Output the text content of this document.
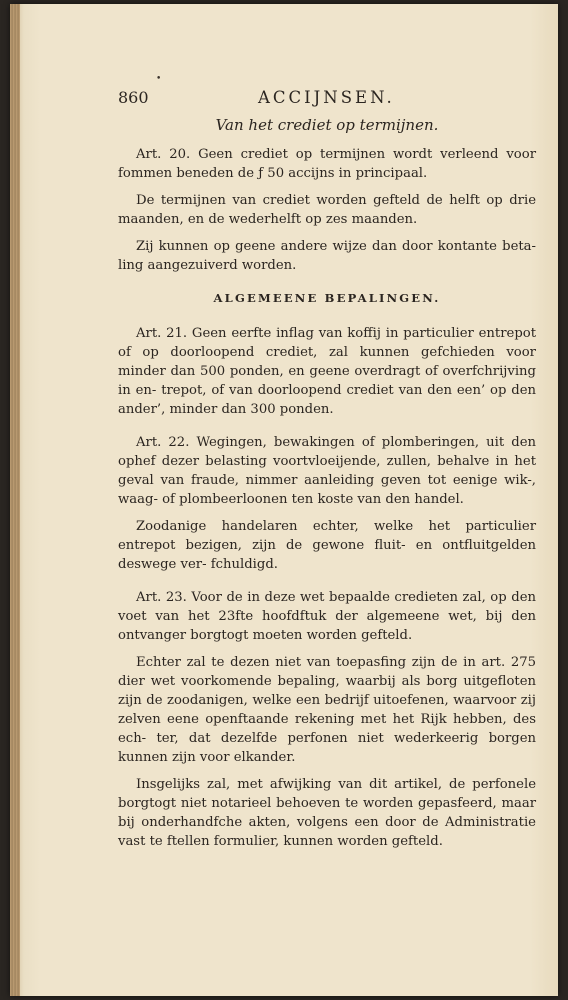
•
860	ACCIJNSEN.
Van het crediet op termijnen.

Art. 20. Geen crediet op termijnen wordt verleend voor fommen beneden de ƒ 50 accijns in principaal.

De termijnen van crediet worden gefteld de helft op drie maanden, en de wederhelft op zes maanden.

Zij kunnen op geene andere wijze dan door kontante beta- ling aangezuiverd worden.

ALGEMEENE BEPALINGEN.

Art. 21. Geen eerfte inflag van koffij in particulier entrepot of op doorloopend crediet, zal kunnen gefchieden voor minder dan 500 ponden, en geene overdragt of overfchrijving in en- trepot, of van doorloopend crediet van den een’ op den ander’, minder dan 300 ponden.

Art. 22. Wegingen, bewakingen of plomberingen, uit den ophef dezer belasting voortvloeijende, zullen, behalve in het geval van fraude, nimmer aanleiding geven tot eenige wik-, waag- of plombeerloonen ten koste van den handel.

Zoodanige handelaren echter, welke het particulier entrepot bezigen, zijn de gewone fluit- en ontfluitgelden deswege ver- fchuldigd.

Art. 23. Voor de in deze wet bepaalde credieten zal, op den voet van het 23fte hoofdftuk der algemeene wet, bij den ontvanger borgtogt moeten worden gefteld.

Echter zal te dezen niet van toepasfing zijn de in art. 275 dier wet voorkomende bepaling, waarbij als borg uitgefloten zijn de zoodanigen, welke een bedrijf uitoefenen, waarvoor zij zelven eene openftaande rekening met het Rijk hebben, des ech- ter, dat dezelfde perfonen niet wederkeerig borgen kunnen zijn voor elkander.

Insgelijks zal, met afwijking van dit artikel, de perfonele borgtogt niet notarieel behoeven te worden gepasfeerd, maar bij onderhandfche akten, volgens een door de Administratie vast te ftellen formulier, kunnen worden gefteld.
